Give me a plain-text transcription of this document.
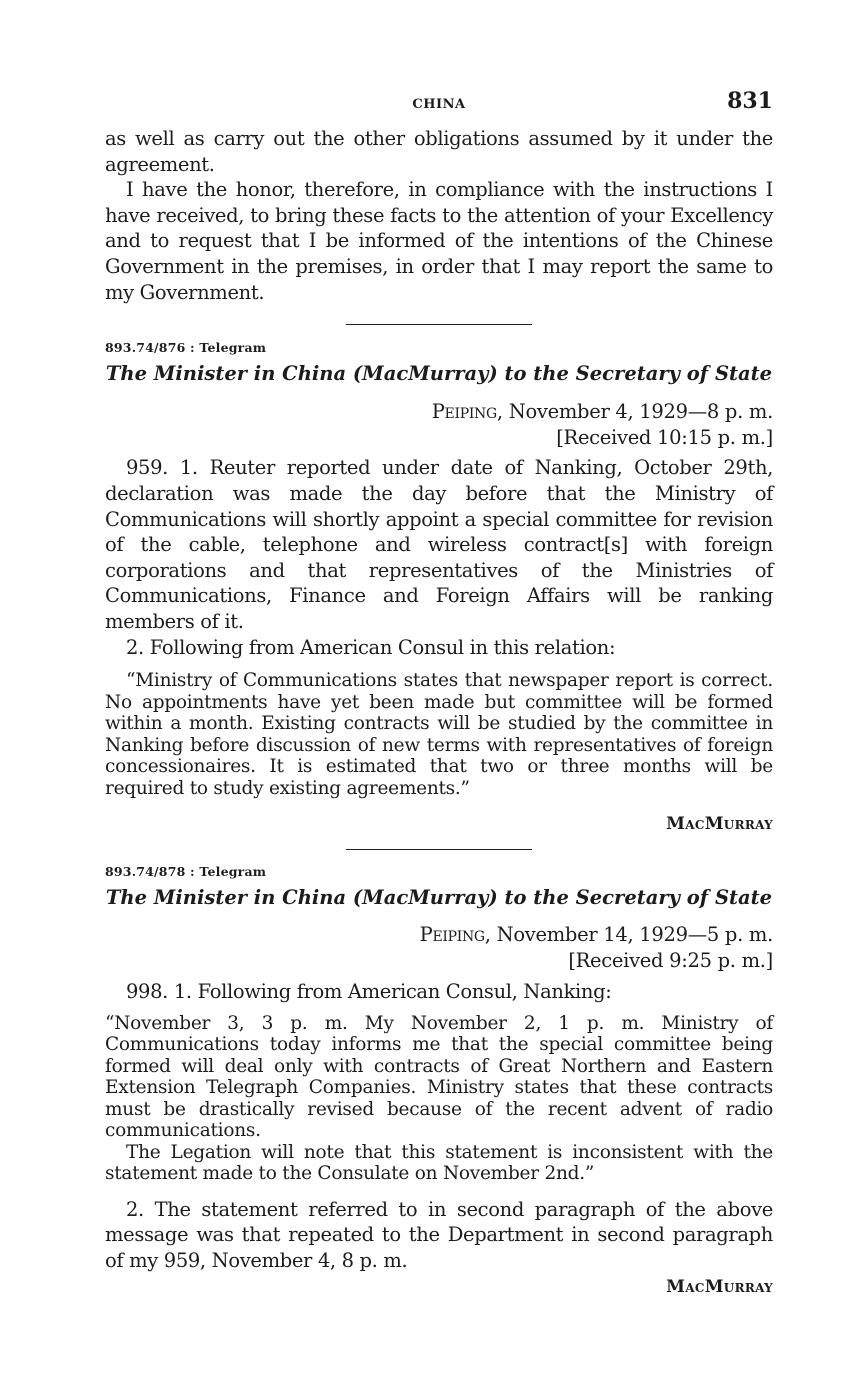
CHINA	831

as well as carry out the other obligations assumed by it under the agreement.

I have the honor, therefore, in compliance with the instructions I have received, to bring these facts to the attention of your Excellency and to request that I be informed of the intentions of the Chinese Government in the premises, in order that I may report the same to my Government.

893.74/876 : Telegram

The Minister in China (MacMurray) to the Secretary of State

Peiping, November 4, 1929—8 p. m.

[Received 10:15 p. m.]

959. 1. Reuter reported under date of Nanking, October 29th, declaration was made the day before that the Ministry of Communications will shortly appoint a special committee for revision of the cable, telephone and wireless contract[s] with foreign corporations and that representatives of the Ministries of Communications, Finance and Foreign Affairs will be ranking members of it.

2. Following from American Consul in this relation:

“Ministry of Communications states that newspaper report is correct. No appointments have yet been made but committee will be formed within a month. Existing contracts will be studied by the committee in Nanking before discussion of new terms with representatives of foreign concessionaires. It is estimated that two or three months will be required to study existing agreements.”

MacMurray

893.74/878 : Telegram

The Minister in China (MacMurray) to the Secretary of State

Peiping, November 14, 1929—5 p. m.

[Received 9:25 p. m.]

998. 1. Following from American Consul, Nanking:

“November 3, 3 p. m. My November 2, 1 p. m. Ministry of Communications today informs me that the special committee being formed will deal only with contracts of Great Northern and Eastern Extension Telegraph Companies. Ministry states that these contracts must be drastically revised because of the recent advent of radio communications.

The Legation will note that this statement is inconsistent with the statement made to the Consulate on November 2nd.”

2. The statement referred to in second paragraph of the above message was that repeated to the Department in second paragraph of my 959, November 4, 8 p. m.

MacMurray
